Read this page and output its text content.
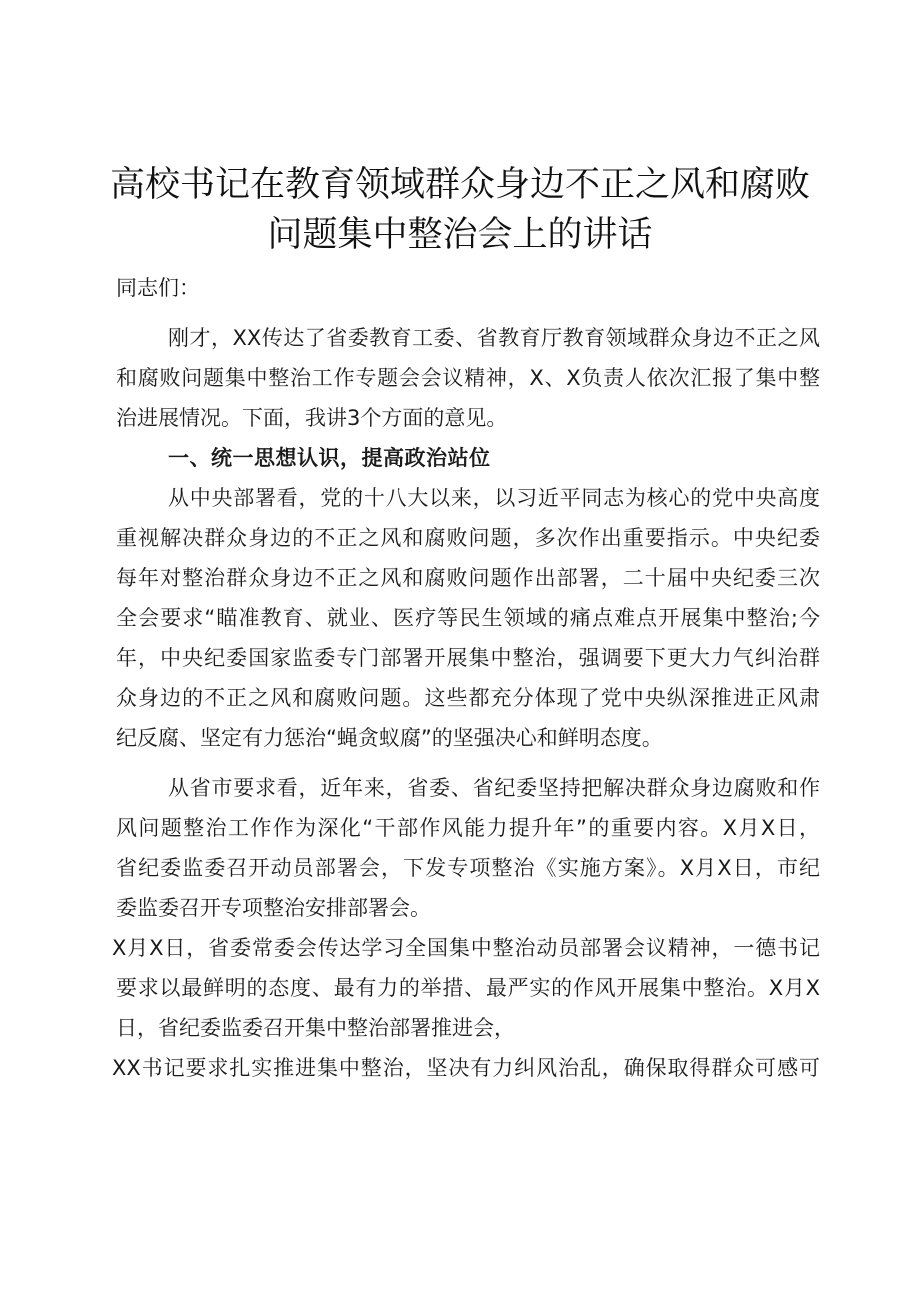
高校书记在教育领域群众身边不正之风和腐败
问题集中整治会上的讲话
同志们：
刚才，XX传达了省委教育工委、省教育厅教育领域群众身边不正之风
和腐败问题集中整治工作专题会会议精神，X、X负责人依次汇报了集中整
治进展情况。下面，我讲3个方面的意见。
一、统一思想认识，提高政治站位
从中央部署看，党的十八大以来，以习近平同志为核心的党中央高度
重视解决群众身边的不正之风和腐败问题，多次作出重要指示。中央纪委
每年对整治群众身边不正之风和腐败问题作出部署，二十届中央纪委三次
全会要求“瞄准教育、就业、医疗等民生领域的痛点难点开展集中整治;今
年，中央纪委国家监委专门部署开展集中整治，强调要下更大力气纠治群
众身边的不正之风和腐败问题。这些都充分体现了党中央纵深推进正风肃
纪反腐、坚定有力惩治“蝇贪蚁腐”的坚强决心和鲜明态度。
从省市要求看，近年来，省委、省纪委坚持把解决群众身边腐败和作
风问题整治工作作为深化“干部作风能力提升年”的重要内容。X月X日，
省纪委监委召开动员部署会，下发专项整治《实施方案》。X月X日，市纪
委监委召开专项整治安排部署会。
X月X日，省委常委会传达学习全国集中整治动员部署会议精神，一德书记
要求以最鲜明的态度、最有力的举措、最严实的作风开展集中整治。X月X
日，省纪委监委召开集中整治部署推进会，
XX书记要求扎实推进集中整治，坚决有力纠风治乱，确保取得群众可感可
